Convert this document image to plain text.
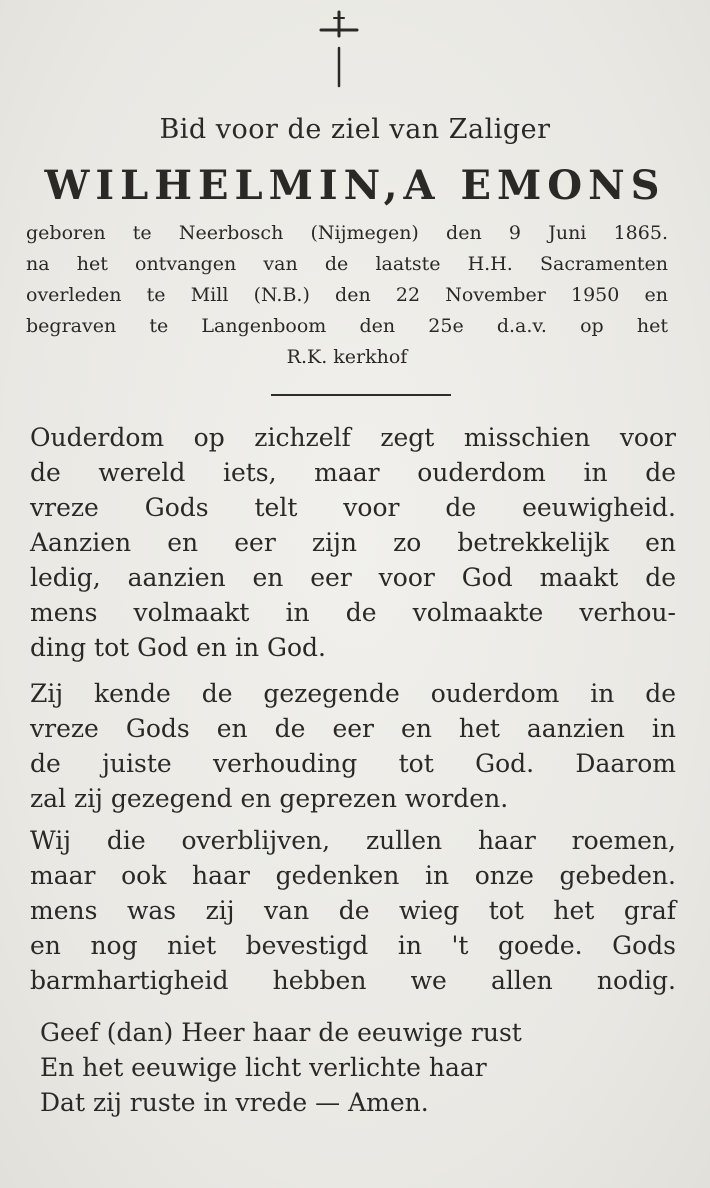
Bid voor de ziel van Zaliger
WILHELMIN,A EMONS
geboren te Neerbosch (Nijmegen) den 9 Juni 1865.
na het ontvangen van de laatste H.H. Sacramenten
overleden te Mill (N.B.) den 22 November 1950 en
begraven te Langenboom den 25e d.a.v. op het
R.K. kerkhof
Ouderdom op zichzelf zegt misschien voor
de wereld iets, maar ouderdom in de
vreze Gods telt voor de eeuwigheid.
Aanzien en eer zijn zo betrekkelijk en
ledig, aanzien en eer voor God maakt de
mens volmaakt in de volmaakte verhou-
ding tot God en in God.
Zij kende de gezegende ouderdom in de
vreze Gods en de eer en het aanzien in
de juiste verhouding tot God. Daarom
zal zij gezegend en geprezen worden.
Wij die overblijven, zullen haar roemen,
maar ook haar gedenken in onze gebeden.
mens was zij van de wieg tot het graf
en nog niet bevestigd in 't goede. Gods
barmhartigheid hebben we allen nodig.
Geef (dan) Heer haar de eeuwige rust
En het eeuwige licht verlichte haar
Dat zij ruste in vrede — Amen.
